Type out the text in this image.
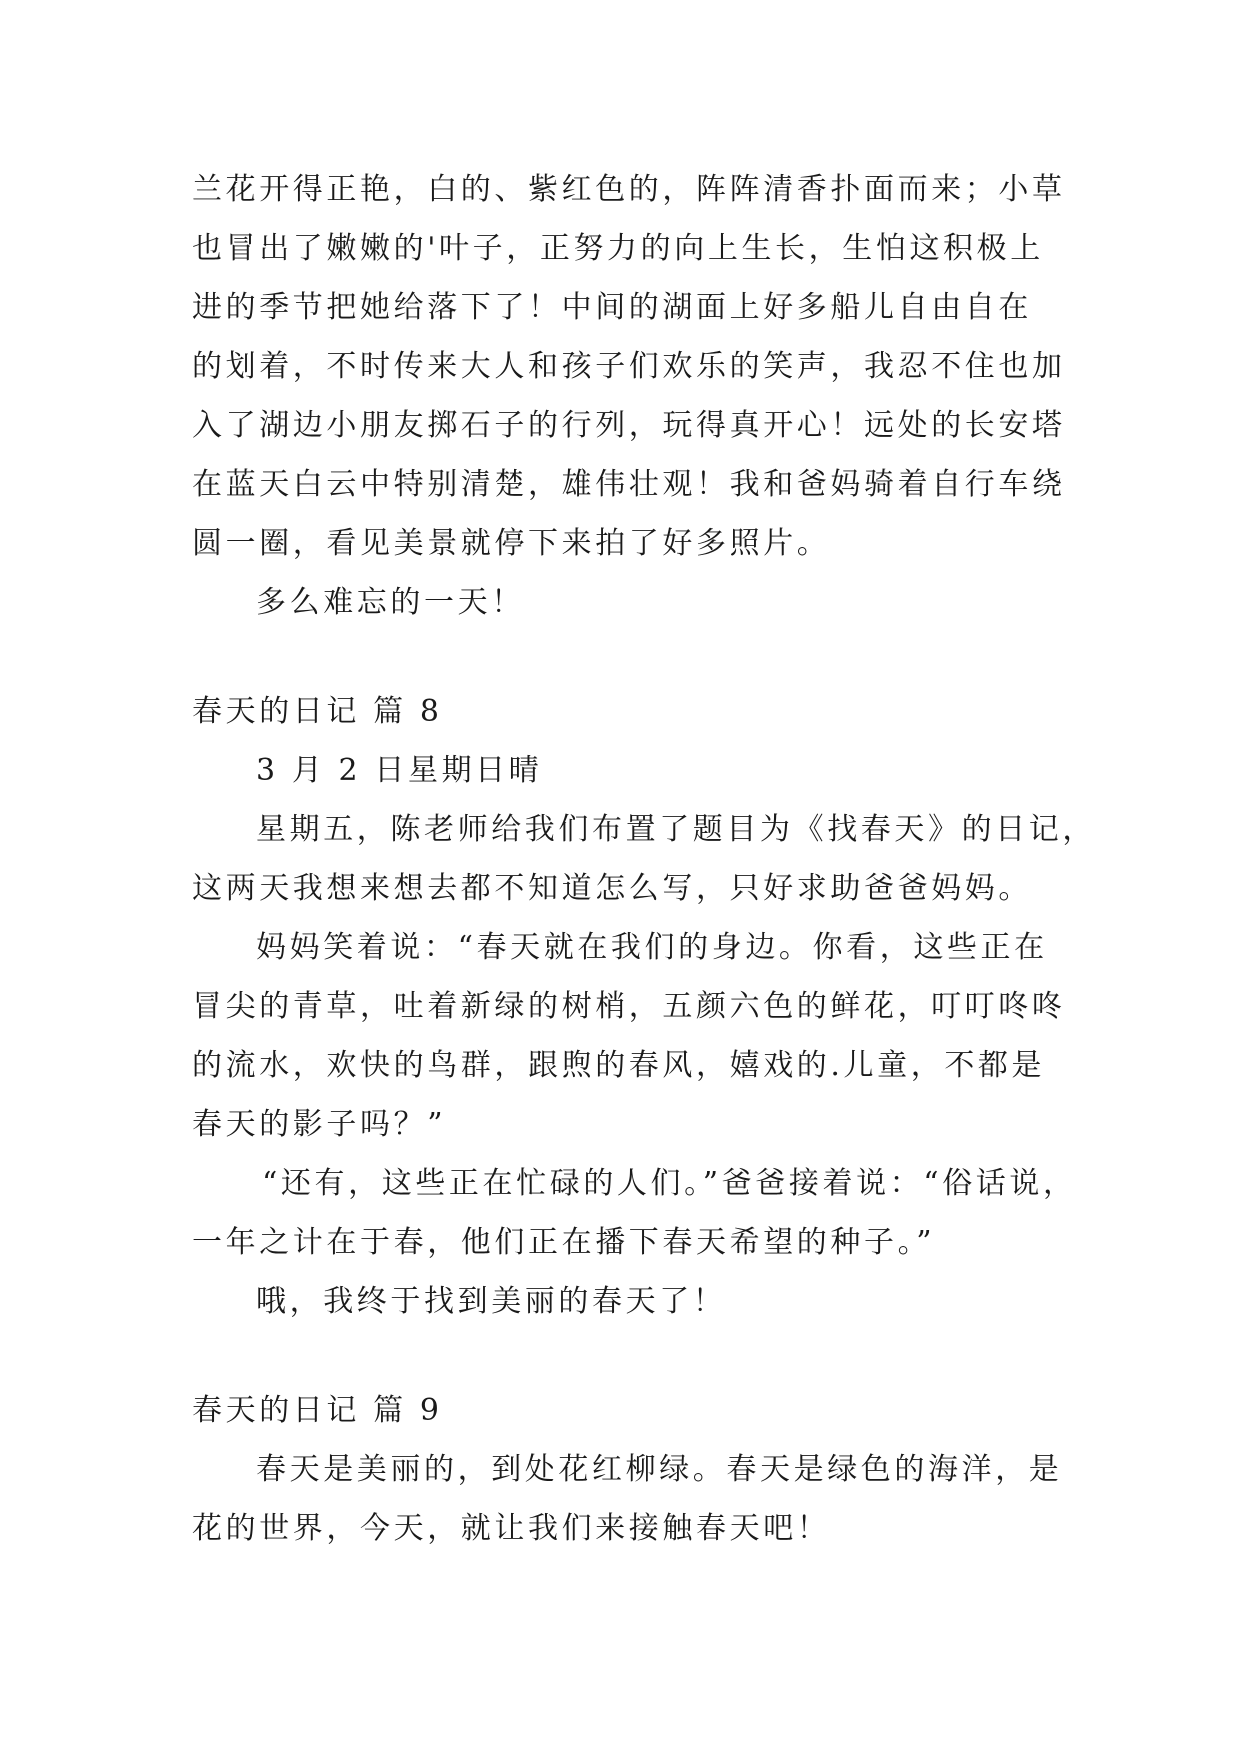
兰花开得正艳，白的、紫红色的，阵阵清香扑面而来；小草
也冒出了嫩嫩的'叶子，正努力的向上生长，生怕这积极上
进的季节把她给落下了！中间的湖面上好多船儿自由自在
的划着，不时传来大人和孩子们欢乐的笑声，我忍不住也加
入了湖边小朋友掷石子的行列，玩得真开心！远处的长安塔
在蓝天白云中特别清楚，雄伟壮观！我和爸妈骑着自行车绕
圆一圈，看见美景就停下来拍了好多照片。
多么难忘的一天！
春天的日记 篇 8
3 月 2 日星期日晴
星期五，陈老师给我们布置了题目为《找春天》的日记，
这两天我想来想去都不知道怎么写，只好求助爸爸妈妈。
妈妈笑着说：“春天就在我们的身边。你看，这些正在
冒尖的青草，吐着新绿的树梢，五颜六色的鲜花，叮叮咚咚
的流水，欢快的鸟群，跟煦的春风，嬉戏的.儿童，不都是
春天的影子吗？”
“还有，这些正在忙碌的人们。”爸爸接着说：“俗话说，
一年之计在于春，他们正在播下春天希望的种子。”
哦，我终于找到美丽的春天了！
春天的日记 篇 9
春天是美丽的，到处花红柳绿。春天是绿色的海洋，是
花的世界，今天，就让我们来接触春天吧！
